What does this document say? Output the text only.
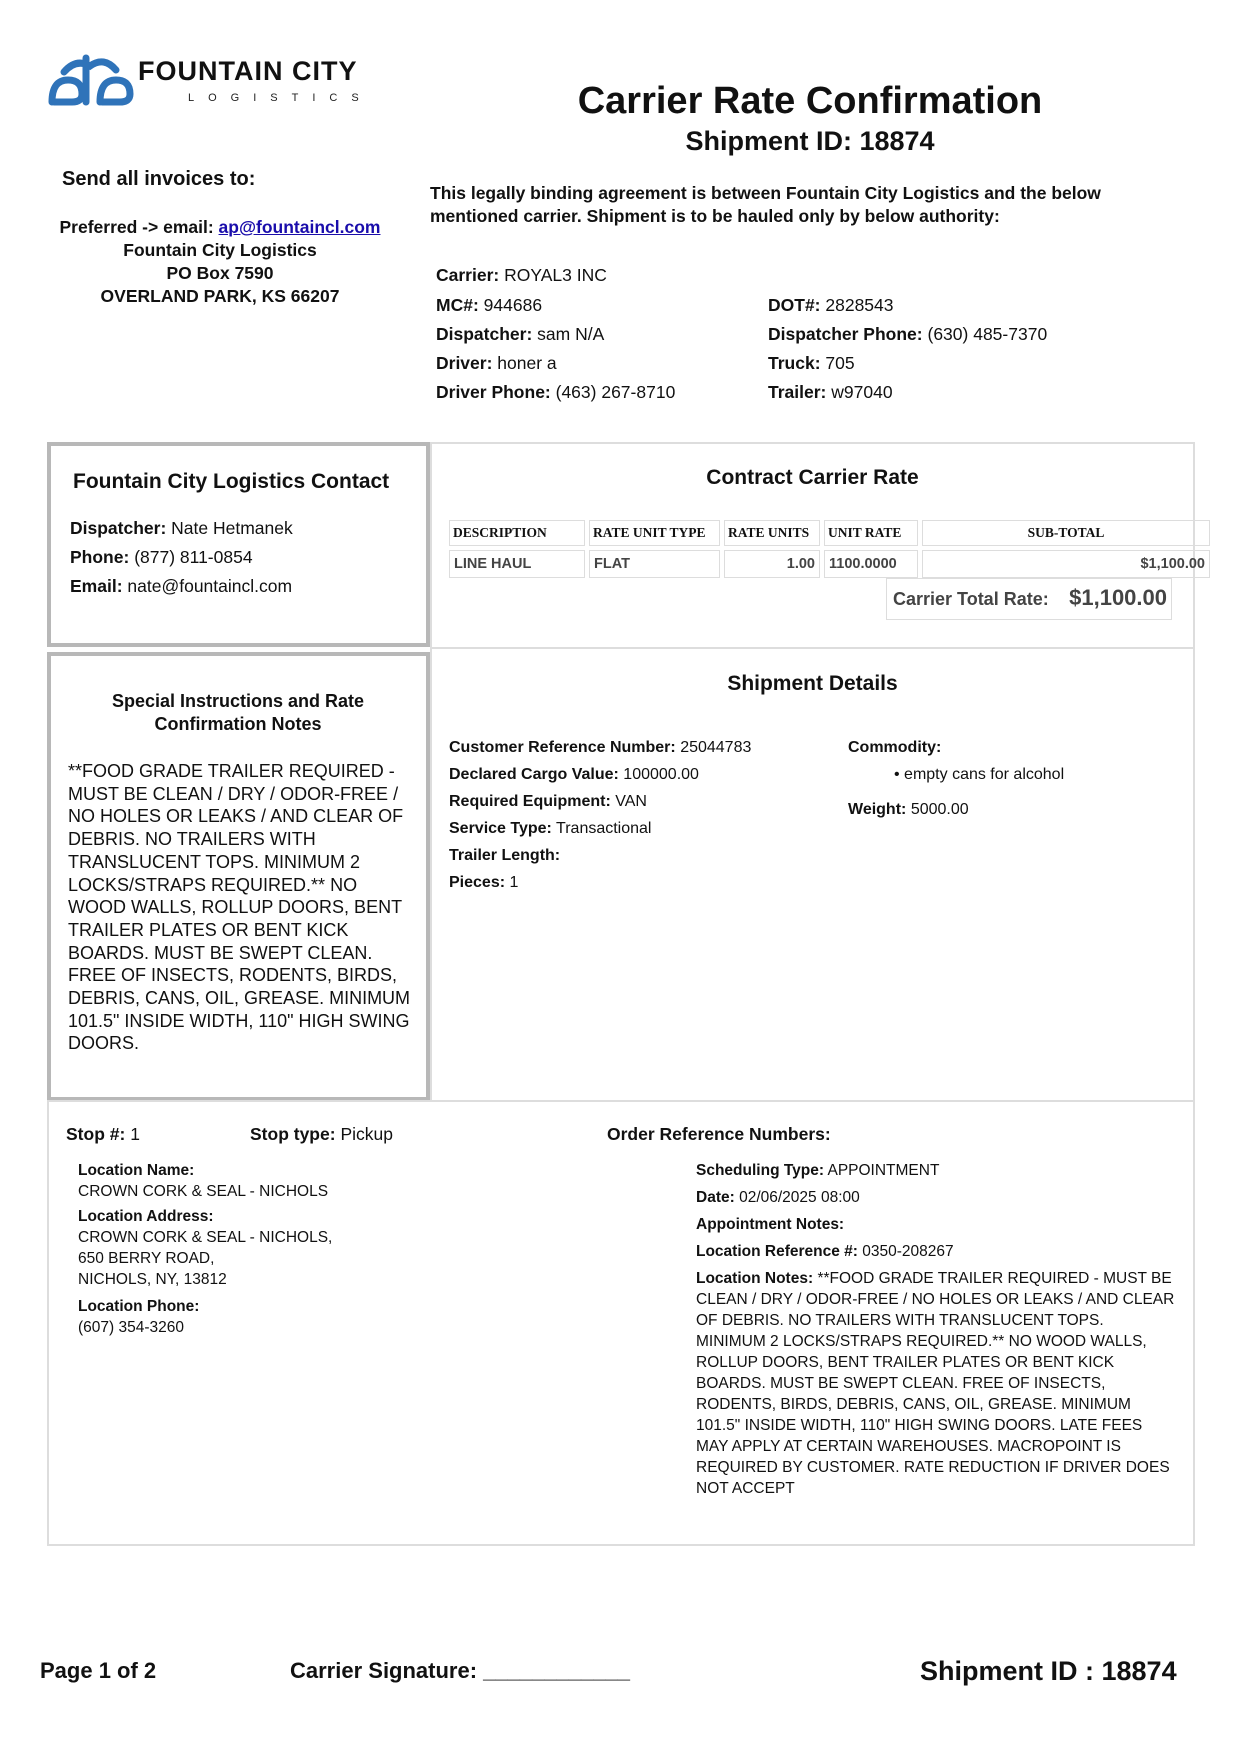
FOUNTAIN CITY
LOGISTICS	Carrier Rate Confirmation
Shipment ID: 18874
Send all invoices to:
Preferred -> email: ap@fountaincl.com
Fountain City Logistics
PO Box 7590
OVERLAND PARK, KS 66207
This legally binding agreement is between Fountain City Logistics and the below mentioned carrier. Shipment is to be hauled only by below authority:
Carrier: ROYAL3 INC
MC#: 944686	DOT#: 2828543
Dispatcher: sam N/A	Dispatcher Phone: (630) 485-7370
Driver: honer a	Truck: 705
Driver Phone: (463) 267-8710	Trailer: w97040
Fountain City Logistics Contact
Dispatcher: Nate Hetmanek
Phone: (877) 811-0854
Email: nate@fountaincl.com
Contract Carrier Rate
DESCRIPTION	RATE UNIT TYPE	RATE UNITS	UNIT RATE	SUB-TOTAL
LINE HAUL	FLAT	1.00	1100.0000	$1,100.00
Carrier Total Rate: $1,100.00
Special Instructions and Rate Confirmation Notes
**FOOD GRADE TRAILER REQUIRED - MUST BE CLEAN / DRY / ODOR-FREE / NO HOLES OR LEAKS / AND CLEAR OF DEBRIS. NO TRAILERS WITH TRANSLUCENT TOPS. MINIMUM 2 LOCKS/STRAPS REQUIRED.** NO WOOD WALLS, ROLLUP DOORS, BENT TRAILER PLATES OR BENT KICK BOARDS. MUST BE SWEPT CLEAN. FREE OF INSECTS, RODENTS, BIRDS, DEBRIS, CANS, OIL, GREASE. MINIMUM 101.5" INSIDE WIDTH, 110" HIGH SWING DOORS.
Shipment Details
Customer Reference Number: 25044783
Declared Cargo Value: 100000.00
Required Equipment: VAN
Service Type: Transactional
Trailer Length:
Pieces: 1
Commodity:
• empty cans for alcohol
Weight: 5000.00
Stop #: 1	Stop type: Pickup	Order Reference Numbers:
Location Name:
CROWN CORK & SEAL - NICHOLS
Location Address:
CROWN CORK & SEAL - NICHOLS,
650 BERRY ROAD,
NICHOLS, NY, 13812
Location Phone:
(607) 354-3260
Scheduling Type: APPOINTMENT
Date: 02/06/2025 08:00
Appointment Notes:
Location Reference #: 0350-208267
Location Notes: **FOOD GRADE TRAILER REQUIRED - MUST BE CLEAN / DRY / ODOR-FREE / NO HOLES OR LEAKS / AND CLEAR OF DEBRIS. NO TRAILERS WITH TRANSLUCENT TOPS. MINIMUM 2 LOCKS/STRAPS REQUIRED.** NO WOOD WALLS, ROLLUP DOORS, BENT TRAILER PLATES OR BENT KICK BOARDS. MUST BE SWEPT CLEAN. FREE OF INSECTS, RODENTS, BIRDS, DEBRIS, CANS, OIL, GREASE. MINIMUM 101.5" INSIDE WIDTH, 110" HIGH SWING DOORS. LATE FEES MAY APPLY AT CERTAIN WAREHOUSES. MACROPOINT IS REQUIRED BY CUSTOMER. RATE REDUCTION IF DRIVER DOES NOT ACCEPT
Page 1 of 2	Carrier Signature: ____________	Shipment ID : 18874
